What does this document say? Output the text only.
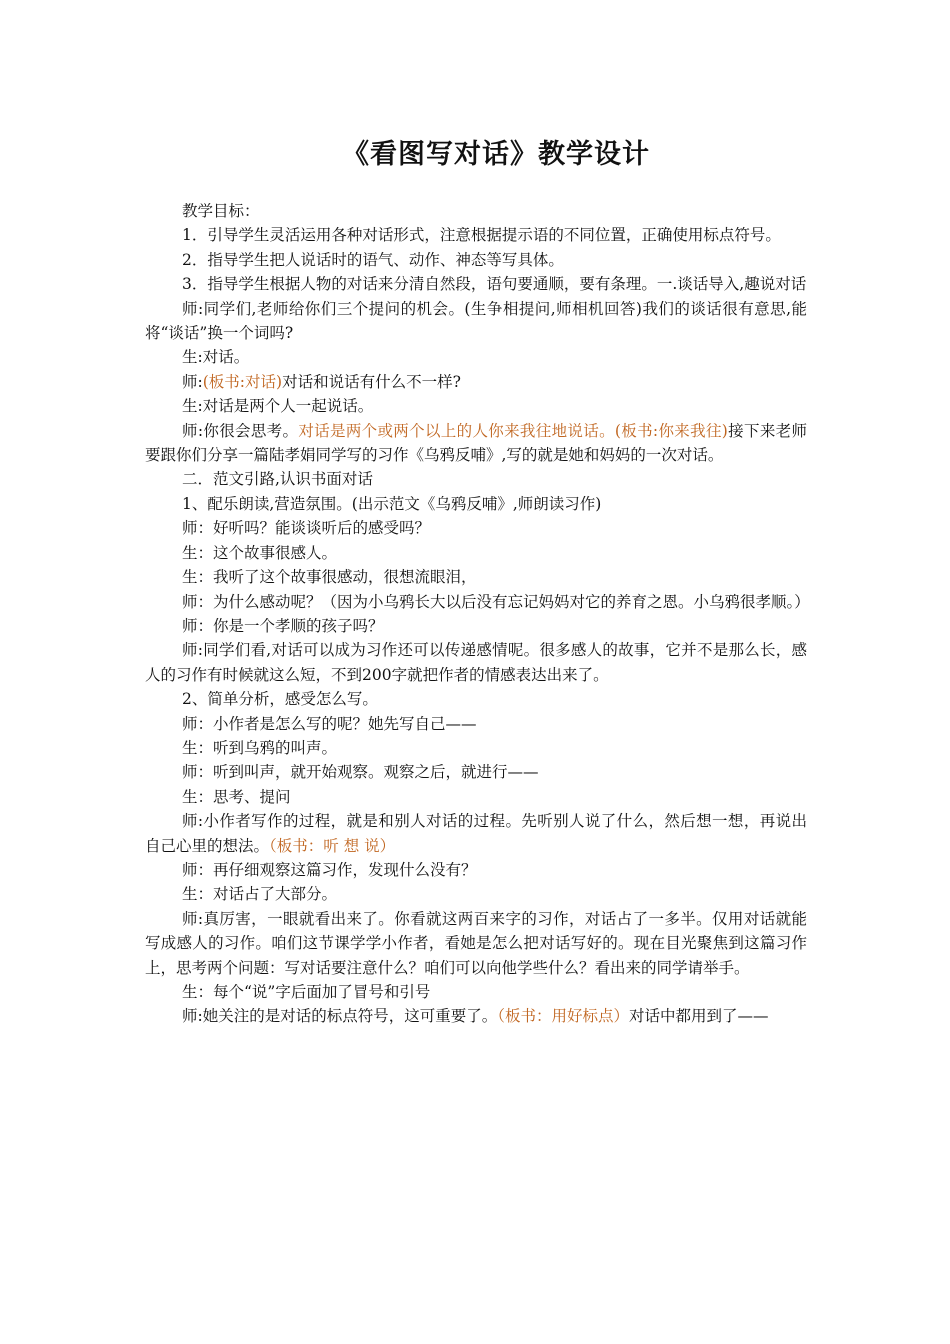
《看图写对话》教学设计

教学目标：

1．引导学生灵活运用各种对话形式，注意根据提示语的不同位置，正确使用标点符号。

2．指导学生把人说话时的语气、动作、神态等写具体。

3．指导学生根据人物的对话来分清自然段，语句要通顺，要有条理。一.谈话导入,趣说对话

师:同学们,老师给你们三个提问的机会。(生争相提问,师相机回答)我们的谈话很有意思,能将“谈话”换一个词吗?

生:对话。

师:(板书:对话)对话和说话有什么不一样?

生:对话是两个人一起说话。

师:你很会思考。对话是两个或两个以上的人你来我往地说话。(板书:你来我往)接下来老师要跟你们分享一篇陆孝娟同学写的习作《乌鸦反哺》,写的就是她和妈妈的一次对话。

二．范文引路,认识书面对话

1、配乐朗读,营造氛围。(出示范文《乌鸦反哺》,师朗读习作)

师：好听吗？能谈谈听后的感受吗？

生：这个故事很感人。

生：我听了这个故事很感动，很想流眼泪，

师：为什么感动呢？（因为小乌鸦长大以后没有忘记妈妈对它的养育之恩。小乌鸦很孝顺。）

师：你是一个孝顺的孩子吗？

师:同学们看,对话可以成为习作还可以传递感情呢。很多感人的故事，它并不是那么长，感人的习作有时候就这么短，不到200字就把作者的情感表达出来了。

2、简单分析，感受怎么写。

师：小作者是怎么写的呢？她先写自己——

生：听到乌鸦的叫声。

师：听到叫声，就开始观察。观察之后，就进行——

生：思考、提问

师:小作者写作的过程，就是和别人对话的过程。先听别人说了什么，然后想一想，再说出自己心里的想法。（板书：听 想 说）

师：再仔细观察这篇习作，发现什么没有？

生：对话占了大部分。

师:真厉害，一眼就看出来了。你看就这两百来字的习作，对话占了一多半。仅用对话就能写成感人的习作。咱们这节课学学小作者，看她是怎么把对话写好的。现在目光聚焦到这篇习作上，思考两个问题：写对话要注意什么？咱们可以向他学些什么？看出来的同学请举手。

生：每个“说”字后面加了冒号和引号

师:她关注的是对话的标点符号，这可重要了。（板书：用好标点）对话中都用到了——
